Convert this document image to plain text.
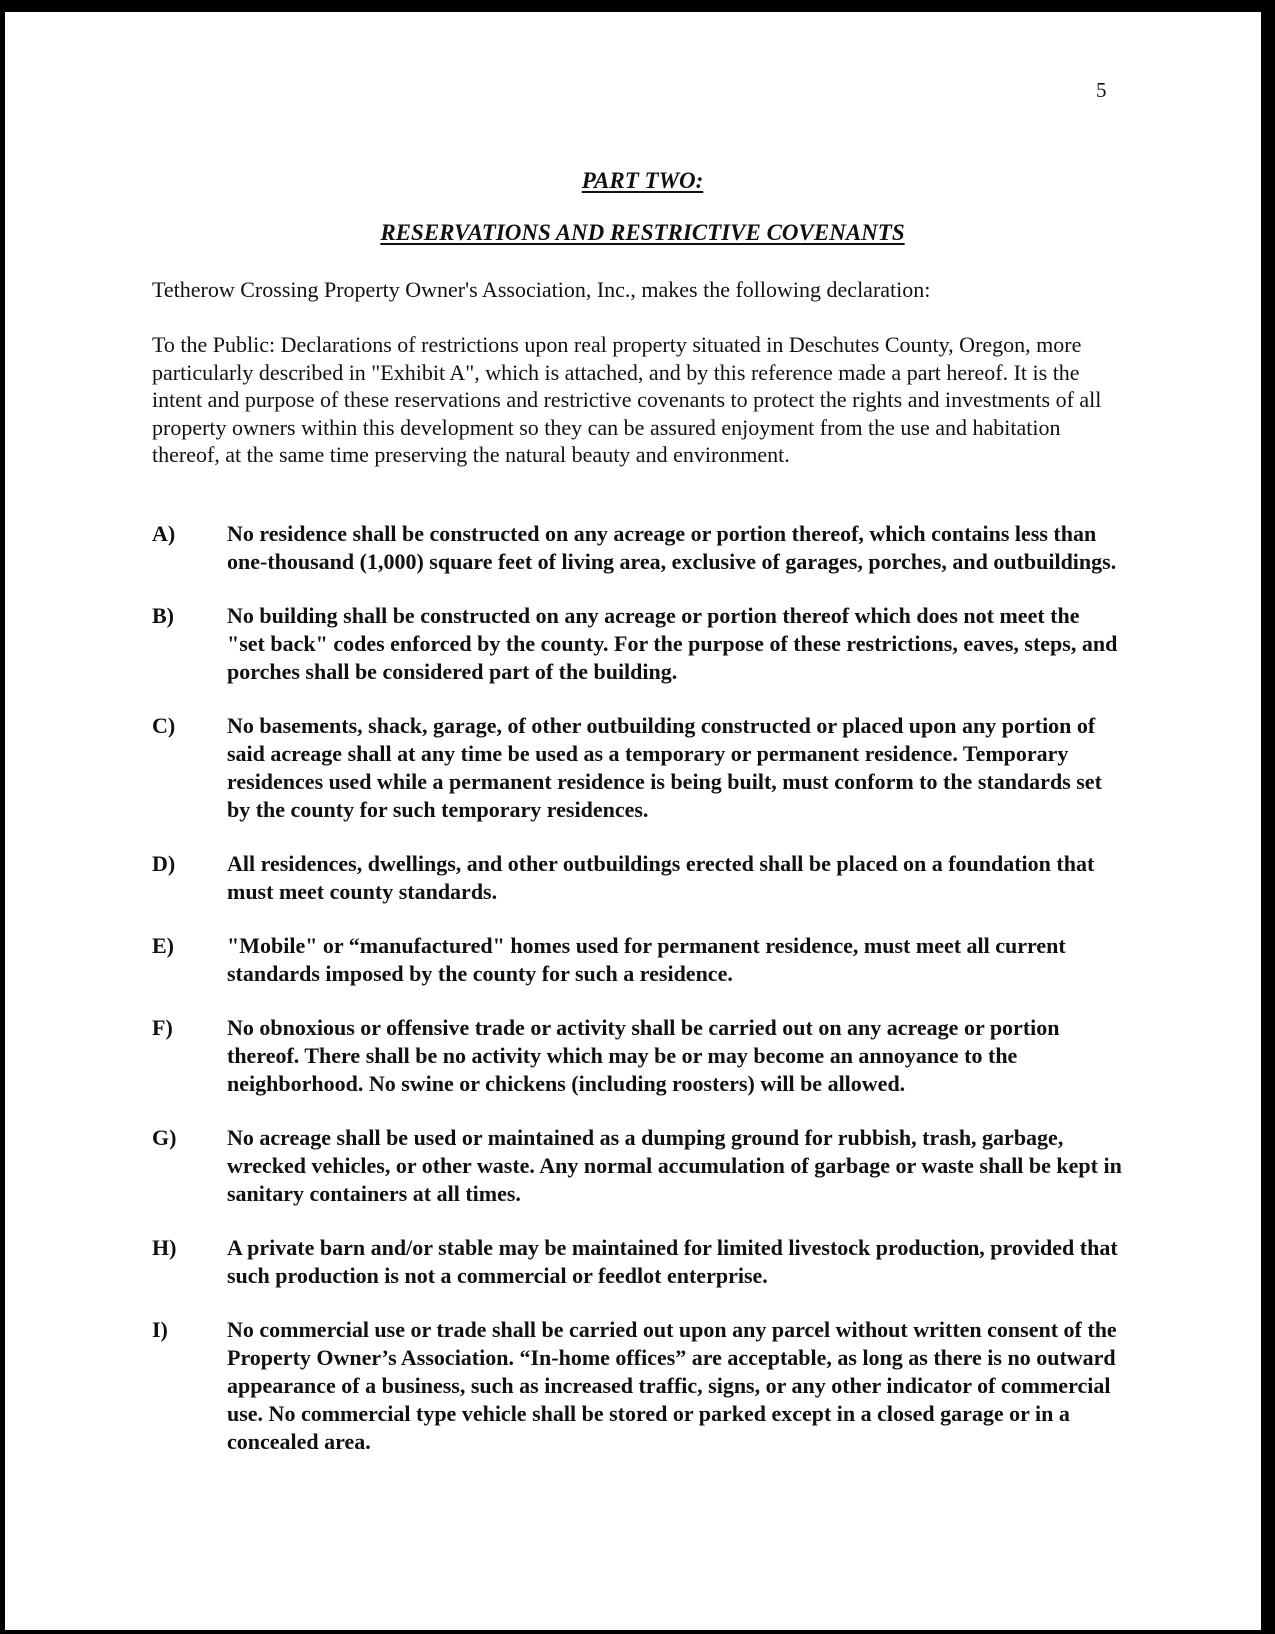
5
PART TWO:
RESERVATIONS AND RESTRICTIVE COVENANTS

Tetherow Crossing Property Owner's Association, Inc., makes the following declaration:

To the Public: Declarations of restrictions upon real property situated in Deschutes County, Oregon, more particularly described in "Exhibit A", which is attached, and by this reference made a part hereof. It is the intent and purpose of these reservations and restrictive covenants to protect the rights and investments of all property owners within this development so they can be assured enjoyment from the use and habitation thereof, at the same time preserving the natural beauty and environment.

A)	No residence shall be constructed on any acreage or portion thereof, which contains less than one-thousand (1,000) square feet of living area, exclusive of garages, porches, and outbuildings.
B)	No building shall be constructed on any acreage or portion thereof which does not meet the "set back" codes enforced by the county. For the purpose of these restrictions, eaves, steps, and porches shall be considered part of the building.
C)	No basements, shack, garage, of other outbuilding constructed or placed upon any portion of said acreage shall at any time be used as a temporary or permanent residence. Temporary residences used while a permanent residence is being built, must conform to the standards set by the county for such temporary residences.
D)	All residences, dwellings, and other outbuildings erected shall be placed on a foundation that must meet county standards.
E)	"Mobile" or “manufactured" homes used for permanent residence, must meet all current standards imposed by the county for such a residence.
F)	No obnoxious or offensive trade or activity shall be carried out on any acreage or portion thereof. There shall be no activity which may be or may become an annoyance to the neighborhood. No swine or chickens (including roosters) will be allowed.
G)	No acreage shall be used or maintained as a dumping ground for rubbish, trash, garbage, wrecked vehicles, or other waste. Any normal accumulation of garbage or waste shall be kept in sanitary containers at all times.
H)	A private barn and/or stable may be maintained for limited livestock production, provided that such production is not a commercial or feedlot enterprise.
I)	No commercial use or trade shall be carried out upon any parcel without written consent of the Property Owner’s Association. “In-home offices” are acceptable, as long as there is no outward appearance of a business, such as increased traffic, signs, or any other indicator of commercial use. No commercial type vehicle shall be stored or parked except in a closed garage or in a concealed area.
